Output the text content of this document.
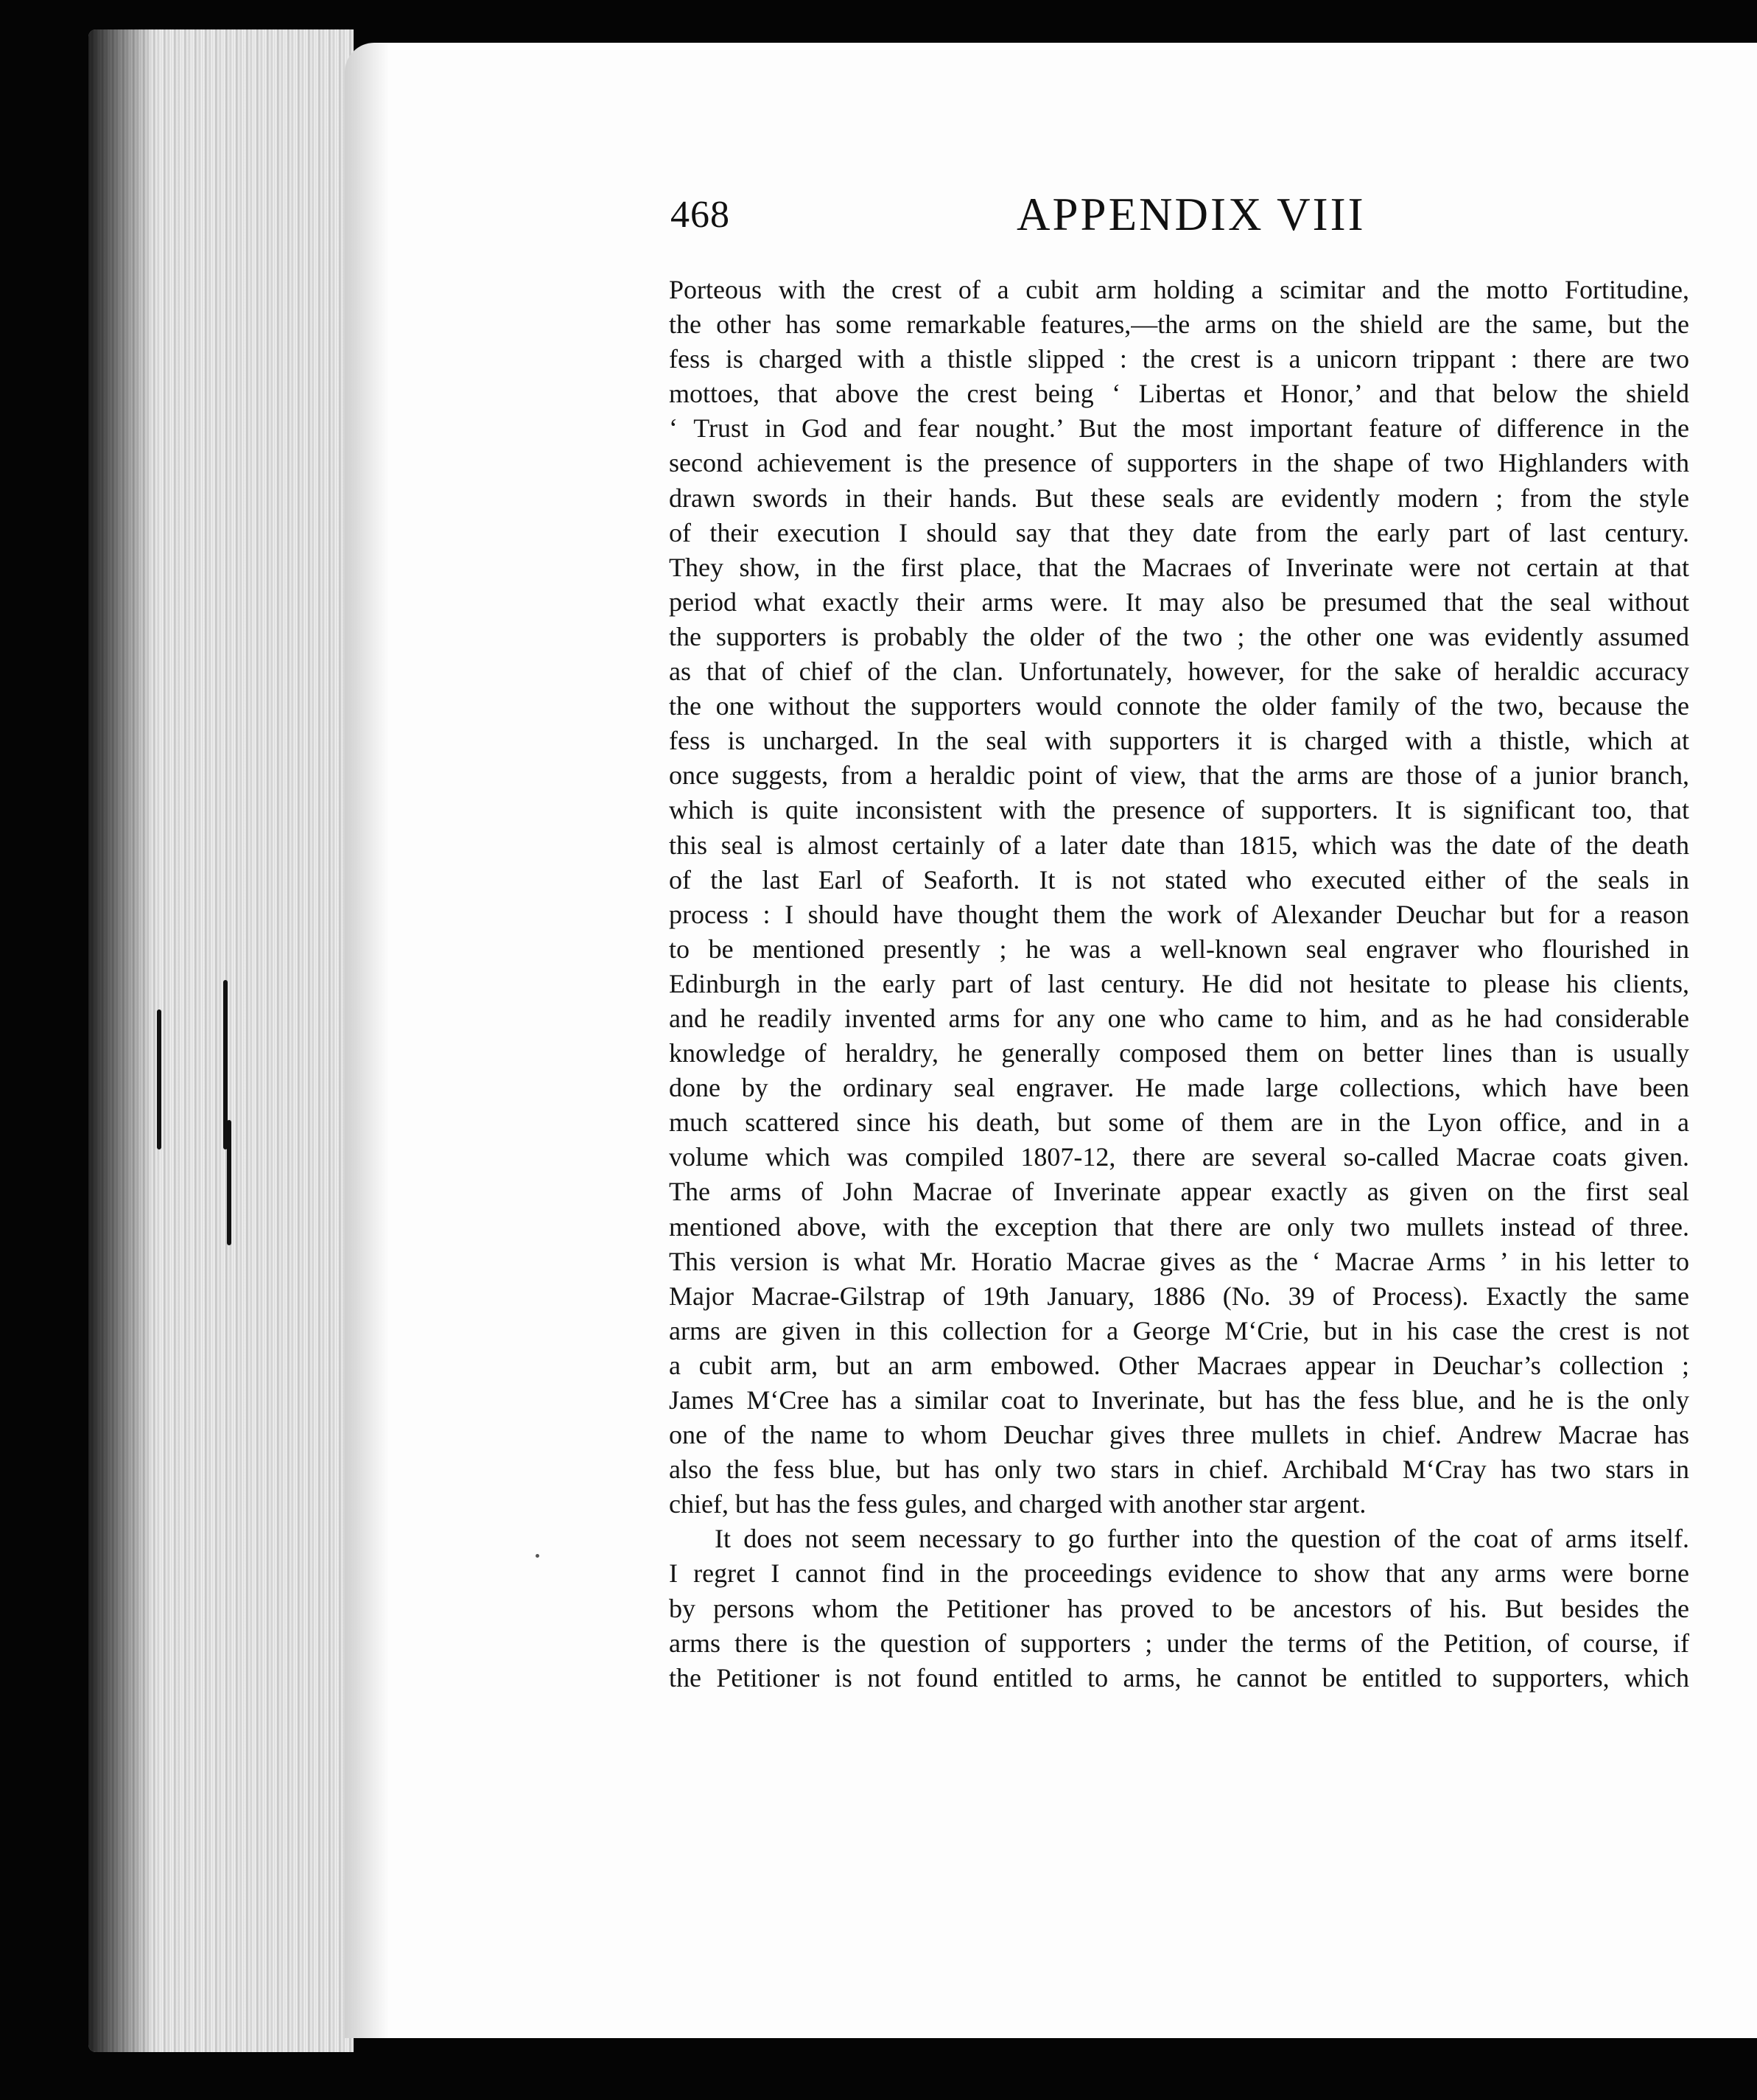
468	APPENDIX VIII
Porteous with the crest of a cubit arm holding a scimitar and the motto Fortitudine,
the other has some remarkable features,—the arms on the shield are the same, but the
fess is charged with a thistle slipped : the crest is a unicorn trippant : there are two
mottoes, that above the crest being ‘ Libertas et Honor,’ and that below the shield
‘ Trust in God and fear nought.’ But the most important feature of difference in the
second achievement is the presence of supporters in the shape of two Highlanders with
drawn swords in their hands. But these seals are evidently modern ; from the style
of their execution I should say that they date from the early part of last century.
They show, in the first place, that the Macraes of Inverinate were not certain at that
period what exactly their arms were. It may also be presumed that the seal without
the supporters is probably the older of the two ; the other one was evidently assumed
as that of chief of the clan. Unfortunately, however, for the sake of heraldic accuracy
the one without the supporters would connote the older family of the two, because the
fess is uncharged. In the seal with supporters it is charged with a thistle, which at
once suggests, from a heraldic point of view, that the arms are those of a junior branch,
which is quite inconsistent with the presence of supporters. It is significant too, that
this seal is almost certainly of a later date than 1815, which was the date of the death
of the last Earl of Seaforth. It is not stated who executed either of the seals in
process : I should have thought them the work of Alexander Deuchar but for a reason
to be mentioned presently ; he was a well-known seal engraver who flourished in
Edinburgh in the early part of last century. He did not hesitate to please his clients,
and he readily invented arms for any one who came to him, and as he had considerable
knowledge of heraldry, he generally composed them on better lines than is usually
done by the ordinary seal engraver. He made large collections, which have been
much scattered since his death, but some of them are in the Lyon office, and in a
volume which was compiled 1807-12, there are several so-called Macrae coats given.
The arms of John Macrae of Inverinate appear exactly as given on the first seal
mentioned above, with the exception that there are only two mullets instead of three.
This version is what Mr. Horatio Macrae gives as the ‘ Macrae Arms ’ in his letter to
Major Macrae-Gilstrap of 19th January, 1886 (No. 39 of Process). Exactly the same
arms are given in this collection for a George M‘Crie, but in his case the crest is not
a cubit arm, but an arm embowed. Other Macraes appear in Deuchar’s collection ;
James M‘Cree has a similar coat to Inverinate, but has the fess blue, and he is the only
one of the name to whom Deuchar gives three mullets in chief. Andrew Macrae has
also the fess blue, but has only two stars in chief. Archibald M‘Cray has two stars in
chief, but has the fess gules, and charged with another star argent.
It does not seem necessary to go further into the question of the coat of arms itself.
I regret I cannot find in the proceedings evidence to show that any arms were borne
by persons whom the Petitioner has proved to be ancestors of his. But besides the
arms there is the question of supporters ; under the terms of the Petition, of course, if
the Petitioner is not found entitled to arms, he cannot be entitled to supporters, which
